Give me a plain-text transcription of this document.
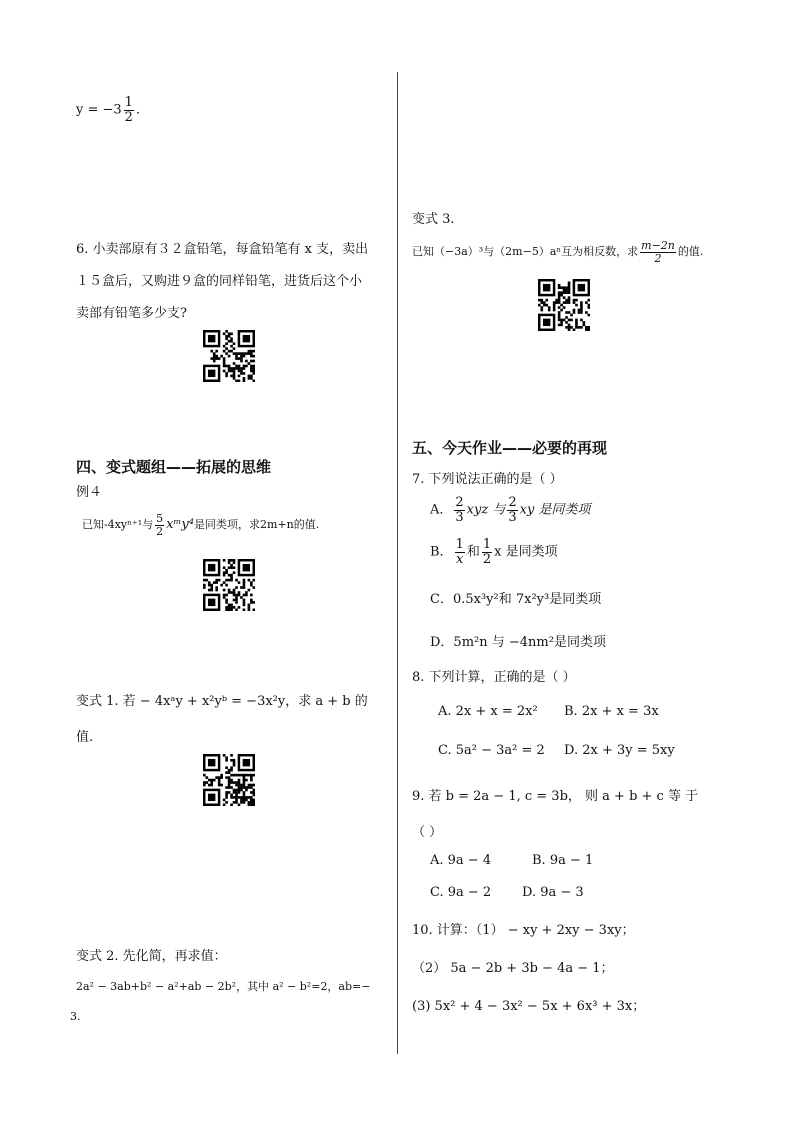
$y = -3 \frac{1}{2}$ .
6. 小卖部原有３２盒铅笔，每盒铅笔有 x 支，卖出
１５盒后，又购进９盒的同样铅笔，进货后这个小
卖部有铅笔多少支?
四、变式题组——拓展的思维
例４
已知-4xyⁿ⁺¹与 $\frac{5}{2}$ xᵐy⁴是同类项，求2m+n的值.
变式 1. 若 − 4xᵃy + x²yᵇ = −3x²y，求 a + b 的
值.
变式 2. 先化简，再求值：
2a² − 3ab+b² − a²+ab − 2b²，其中 a² − b²=2，ab=−
3.
变式 3.
已知（−3a）³与（2m−5）aⁿ互为相反数，求 $\frac{m-2n}{2}$ 的值.
五、今天作业——必要的再现
7. 下列说法正确的是（ ）
A． $\frac{2}{3}$ xyz 与 $\frac{2}{3}$ xy 是同类项
B． $\frac{1}{x}$ 和 $\frac{1}{2}$ x 是同类项
C．0.5x³y²和 7x²y³是同类项
D．5m²n 与 −4nm²是同类项
8. 下列计算，正确的是（ ）
A. 2x + x = 2x² B. 2x + x = 3x
C. 5a² − 3a² = 2 D. 2x + 3y = 5xy
9. 若 b = 2a − 1, c = 3b， 则 a + b + c 等 于
（ ）
A. 9a − 4	B. 9a − 1
C. 9a − 2 D. 9a − 3
10. 计算：（1） − xy + 2xy − 3xy；
（2） 5a − 2b + 3b − 4a − 1；
(3) 5x² + 4 − 3x² − 5x + 6x³ + 3x；
